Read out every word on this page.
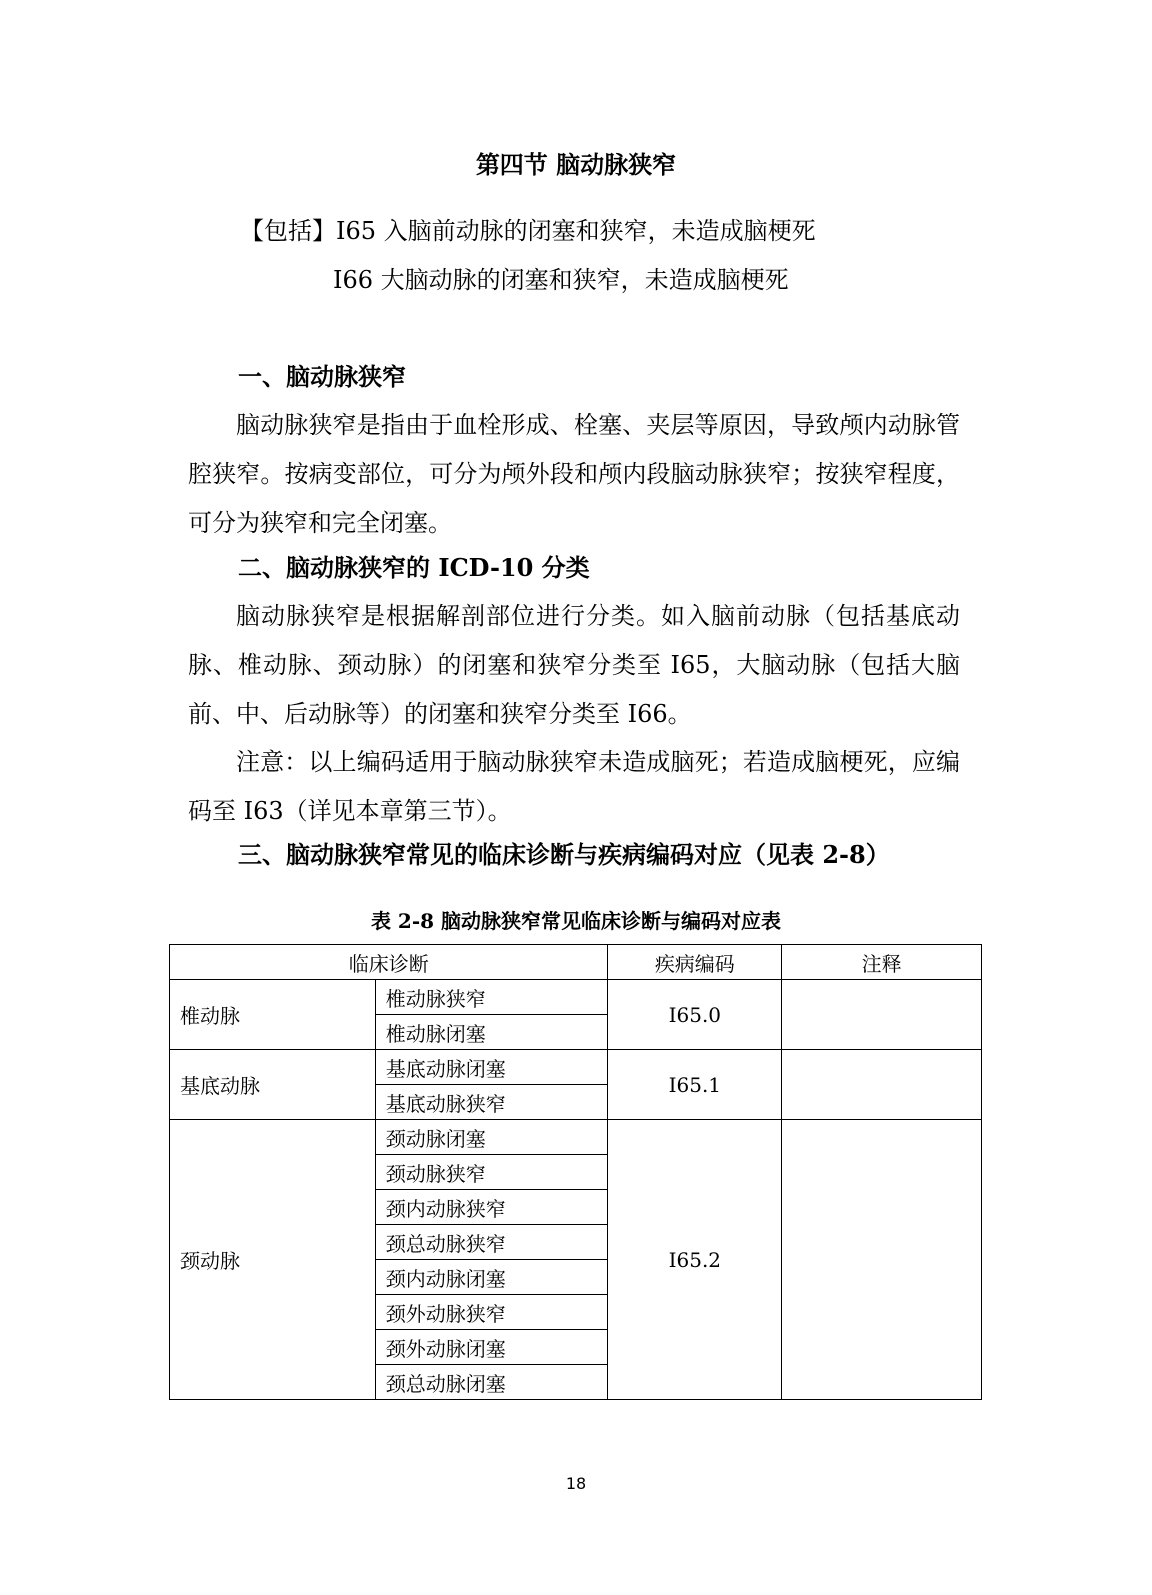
第四节 脑动脉狭窄
【包括】I65 入脑前动脉的闭塞和狭窄，未造成脑梗死
I66 大脑动脉的闭塞和狭窄，未造成脑梗死
一、脑动脉狭窄

脑动脉狭窄是指由于血栓形成、栓塞、夹层等原因，导致颅内动脉管腔狭窄。按病变部位，可分为颅外段和颅内段脑动脉狭窄；按狭窄程度，可分为狭窄和完全闭塞。

二、脑动脉狭窄的 ICD-10 分类

脑动脉狭窄是根据解剖部位进行分类。如入脑前动脉（包括基底动脉、椎动脉、颈动脉）的闭塞和狭窄分类至 I65，大脑动脉（包括大脑前、中、后动脉等）的闭塞和狭窄分类至 I66。

注意：以上编码适用于脑动脉狭窄未造成脑死；若造成脑梗死，应编码至 I63（详见本章第三节）。

三、脑动脉狭窄常见的临床诊断与疾病编码对应（见表 2-8）
表 2-8 脑动脉狭窄常见临床诊断与编码对应表
临床诊断		疾病编码	注释
椎动脉	椎动脉狭窄	I65.0	
	椎动脉闭塞		
基底动脉	基底动脉闭塞	I65.1	
	基底动脉狭窄		
颈动脉	颈动脉闭塞	I65.2	
	颈动脉狭窄		
	颈内动脉狭窄		
	颈总动脉狭窄		
	颈内动脉闭塞		
	颈外动脉狭窄		
	颈外动脉闭塞		
	颈总动脉闭塞		
18
